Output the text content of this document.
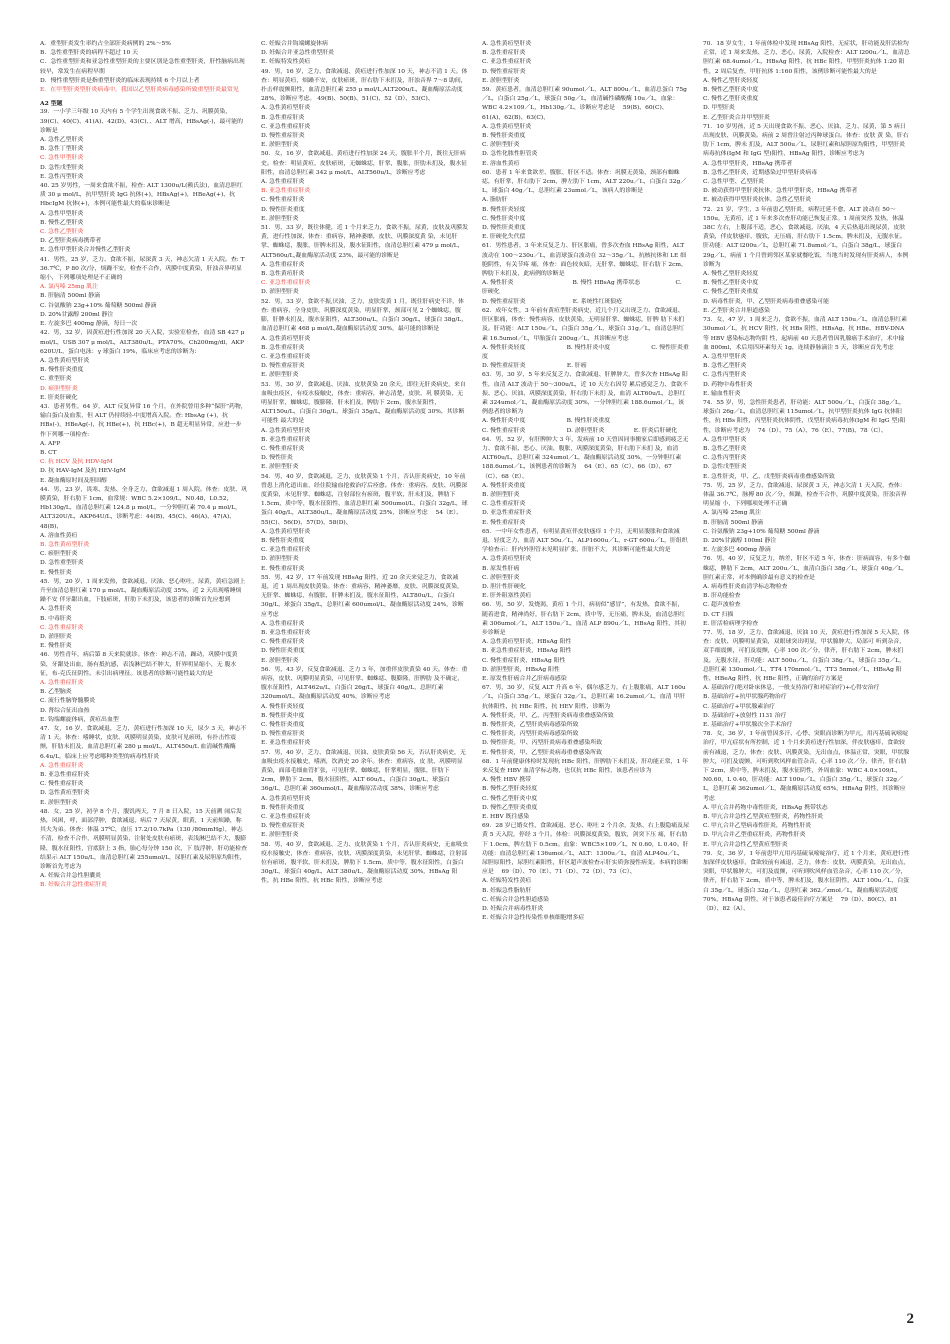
A．重型肝炎发生率约占全部肝炎病例的 2%～5%

B．急性重型肝炎的病程不超过 10 天

C．急性重型肝炎和亚急性重型肝炎的主要区别是急性重型肝炎，肝性脑病出现较早，常发生在病程早期

D．慢性重型肝炎是指重型肝炎的临床表现持续 6 个月以上者

E．在甲型肝炎型肝炎病毒中，我国以乙型肝炎病毒感染所致重型肝炎最常见

A2 型题

39．一小学三年级 10 天内有 5 个学生出现食欲不振、乏力、巩膜黄染，39(C)、40(C)、41(A)、42(D)、43(C)、、ALT 增高，HBsAg(-)，最可能的诊断是

A. 急性乙型肝炎

B. 急性丁型肝炎

C. 急性甲型肝炎

D. 急性戊型肝炎

E. 急性丙型肝炎

40. 25 岁男性，一周来食欲不振，检查: ALT 1300u/L(赖氏法)，血清总胆红质 30 μ mol/L，抗甲型肝炎 IgG 抗体(+)，HBsAg(+)，HBeAg(+)、抗 HbcIgM 抗体(+)，本例可能性最大的临床诊断是

A. 急性甲型肝炎

B. 慢性乙型肝炎

C. 急性乙型肝炎

D. 乙型肝炎病毒携带者

E. 急性甲型肝炎合并慢性乙型肝炎

41．男性，25 岁，乏力、食欲不振，尿深黄 3 天，神志欠清 1 天入院。查: T 36.7℃，P 80 次/分，烦躁不安，检查不合作，巩膜中度黄染，肝浊音界明显缩小，下列哪项处理是不正确的

A. 氯丙嗪 25mg 肌注

B. 肝脑清 500ml 静滴

C. 谷氨酸钠 23g+10% 葡萄糖 500ml 静滴

D. 20%甘露醇 200ml 静注

E. 左旋多巴 400mg 静滴，每日一次

42．男，32 岁，因黄疸进行性加深 20 天入院，实验室检查，血清 SB 427 μ mol/L，USB 307 μ mol/L，ALT380u/L，PTA70%，Ch200mg/dl，AKP 620U/L，蛋白电泳：γ 球蛋白 19%，临床应考虑的诊断为:

A. 急性黄疸型肝炎

B. 慢性肝炎重度

C. 重型肝炎

D. 瘀胆型肝炎

E. 肝炎肝硬化

43．患者男性，64 岁，ALT 反复异常 16 个月，在外院曾用多种“保肝”药物，输白蛋白及血浆，但 ALT 仍持续轻-中度增高入院。查: HbsAg (+)，抗 HBs(-)，HBeAg(-)，抗 HBe(+)，抗 HBc(+)，B 超无明显异常，应进一步作下列哪一项检查:

A. AFP

B. CT

C. 抗 HCV 及抗 HDV-IgM

D. 抗 HAV-IgM 及抗 HEV-IgM

E. 凝血酶原时间及胆固醇

44．男，23 岁，畏寒、发热、全身乏力、食欲减退 1 周入院。体查：皮肤、巩膜黄染，肝右肋下 1cm，血常规：WBC 5.2×109/L，N0.48，L0.52，Hb130g/L，血清总胆红素 124.8 μ mol/L，一分钟胆红素 70.4 μ mol/L，ALT320U/L，AKP64U/L，诊断考虑：44(B)、45(C)、46(A)、47(A)、48(B)、

A. 溶血性黄疸

B. 急性黄疸型肝炎

C. 瘀胆型肝炎

D. 急性重型肝炎

E. 慢性肝炎

45．男，20 岁，1 周来发热，食欲减退、厌油、恶心呕吐，尿黄，黄疸急剧上升至血清总胆红素 170 μ mol/L，凝血酶原活动度 35%，近 2 天出现嗜睡烦躁不安 伴牙龈出血，下肢瘀斑，肝肋下未扪及，该患者的诊断首先应想到

A. 急性肝炎

B. 中毒肝炎

C. 急性重症肝炎

D. 淤胆肝炎

E. 慢性肝炎

46．男性青年，病后第 8 天来院就诊。体查：神志不清，躁动，巩膜中度黄染，牙龈处出血，肠有抵抗感，表浅淋巴结不肿大，肝界明显缩小，无 腹水征，布-克氏征阴性。未引出病理征。该患者的诊断可能性最大的是

A. 急性重症肝炎

B. 乙型脑炎

C. 流行性脑脊髓膜炎

D. 肾综合征出血热

E. 钩端螺旋体病，黄疸出血型

47．女，16 岁，食欲减退，乏力，黄疸进行性加深 10 天，尿少 3 天，神志不清 1 天。体查：嗜睡状，皮肤、巩膜明显黄染，皮肤可见瘀斑，有扑击性震颤，肝肋未扪及，血清总胆红素 280 μ mol/L，ALT450u/L 血清碱性酶酶 6.4u/L，临床上应考虑哪种类型的病毒性肝炎

A. 急性重症肝炎

B. 亚急性重症肝炎

C. 慢性重症肝炎

D. 急性黄疸型肝炎

E. 淤胆型肝炎

48．女，25 岁，初孕 8 个月，腹饥两天，7 月 8 日入院，15 天前溯 闹后发热，风困，呼，面部浮肿，食欲减退，病后 7 天尿黄，眼黄，1 天前烦躁，称其夫为弟。体查：体温 37℃，血压 17.2/10.7kPa（130 /80mmHg），神志不清，检查不合作，巩膜明显黄染，注射处皮肤有瘀斑，表浅淋巴结不大，腹膨隆，腹水征阳性，宫底脐上 3 指，胎心每分钟 150 次，下 肢浮肿，肝功能检查结果示 ALT 150u/L，血清总胆红素 255umol/L，尿胆红素及尿胆原均阳性，诊断首先考虑为

A. 妊娠合并急性胆囊炎

B. 妊娠合并急性重症肝炎

C. 妊娠合并钩端螺旋体病

D. 妊娠合并亚急性重型肝炎

E. 妊娠特发性黄疸

49．男，16 岁，乏力、食欲减退、黄疸进行性加深 10 天，神志不清 1 天。体查：明显黄疸，烦躁不安，皮肤瘀斑，肝右肋下未扪及，肝浊音界 7～8 助间，扑击样震颤阳性，血清总胆红素 255 μ mol/L,ALT200u/L，凝血酶原活动度 28%，诊断应考虑。 49(B)、50(B)、51(C)、52（D）、53(C)、

A. 急性黄疸型肝炎

B. 急性重症肝炎

C. 亚急性重症肝炎

D. 慢性重症肝炎

E. 淤胆型肝炎

50．女，16 岁，食欲减退、黄疸进行性加深 24 天，腹胀半个月，既往无肝病史。检查：明显黄疸，皮肤瘀斑，无蜘蛛痣，肝掌，腹胀，肝肋未扪及，腹水征阳性，血清总胆红素 342 μ mol/L，ALT560u/L，诊断应考虑

A. 急性重症肝炎

B. 亚急性重症肝炎

C. 慢性重症肝炎

D. 慢性肝炎重度

E. 淤胆型肝炎

51．男，33 岁，既往体健，近 1 个月来乏力，食欲不振，尿黄，皮肤及巩膜发黄，进行性加深，体查：重病容，精神萎靡，皮肤、巩膜深度黄 染，未见肝掌、蜘蛛痣，腹胀，肝脾未扪及，腹水征阳性，血清总胆红素 479 μ mol/L，ALT560u/L,凝血酶原活动度 23%，最可能的诊断是

A. 急性重症肝炎

B. 急性黄疸肝炎

C. 亚急性重症肝炎

D. 淤胆型肝炎

52．男，33 岁，食欲不振,厌油，乏力，皮肤发黄 1 月，既往肝病史不详，体查: 重病容，全身皮肤、巩膜深度黄染，明显肝掌，颈部可见 2 个蜘蛛痣，腹膨，肝脾未扪及，腹水征阳性，ALT300u/L，白蛋白 30g/L，球蛋白 38g/L，血清总胆红素 468 μ mol/L,凝血酶原活动度 30%，最可能的诊断是

A. 急性黄疸型肝炎

B. 急性重症肝炎

C. 亚急性重症肝炎

D. 慢性重症肝炎

E. 淤胆型肝炎

53．男，30 岁，食欲减退、厌油、皮肤黄染 20 余天，即往无肝炎病史，来自血吸虫疫区，有疫水接触史，体查：重病容，神志清楚，皮肤、巩 膜黄染，无明显肝掌，蜘蛛痣，腹膨隆，肝未扪及，脾肋下 2cm，腹水征阳性，ALT150u/L，白蛋白 30g/L，球蛋白 35g/L，凝血酶原活动度 30%，其诊断可能性 最大的是

A. 急性黄疸型肝炎

B. 亚急性重症肝炎

C. 慢性重症肝炎

D. 慢性肝炎

E. 淤胆型肝炎

54．男，40 岁，食欲减退，乏力，皮肤黄染 1 个月，否认肝炎病史，10 年前曾患上消化道出血，经住院输血抢救治疗后痊愈。体查：重病容，皮肤、巩膜深度黄染，未见肝掌、蜘蛛痣，注射部位有瘀斑，腹平软，肝未扪及，脾肋下 1.5cm，质中等，腹水征阳性，血清总胆红素 500umol/L，白蛋白 32g/L，球蛋白 40g/L，ALT380u/L，凝血酶原活动度 25%，诊断应考虑　 54（E）、55(C)、56(D)、57(D)、58(D)、

A. 急性黄疸型肝炎

B. 慢性肝炎重度

C. 亚急性重症肝炎

D. 淤胆型肝炎

E. 慢性重症肝炎

55．男，42 岁，17 年前发现 HBsAg 阳性，近 20 余天来觉乏力，食欲减退，近 1 周出现皮肤黄染。体查：重病容，精神萎靡，皮肤、巩膜深度黄染，无肝掌、蜘蛛痣，有腹胀，肝脾未扪及，腹水征阳性，ALT80u/L，白蛋白 30g/L，球蛋白 35g/L，总胆红素 600umol/L，凝血酶原活动度 24%，诊断应考虑

A. 急性重症肝炎

B. 亚急性重症肝炎

C. 慢性重症肝炎

D. 慢性肝炎重度

E. 淤胆型肝炎

56．男，43 岁，反复食欲减退、乏力 3 年，加重伴皮肤黄染 40 天。体查：重病容，皮肤、巩膜明显黄染，可见肝掌、蜘蛛痣、腹膨隆，肝脾肋 及不确定，腹水征阳性，ALT462u/L，白蛋白 26g/L，球蛋白 40g/L，总胆红素 320umol/L，凝血酶原活动度 40%，诊断应考虑

A. 慢性肝炎轻度

B. 慢性肝炎中度

C. 慢性肝炎重度

D. 慢性重症肝炎

E. 亚急性重症肝炎

57．男，40 岁，乏力、食欲减退、厌油、皮肤黄染 56 天，否认肝炎病史，无血吸虫疫水接触史，嗜酒，饮酒史 20 余年。体查：重病容，皮 肤、巩膜明显黄染，面部毛细血管扩张，可见肝掌、蜘蛛痣，肝掌明显，腹胀，肝肋下 2cm，脾肋下 2cm，腹水征阳性，ALT 60u/L，白蛋白 30g/L，球蛋白 36g/L，总胆红素 360umol/L，凝血酶原活动度 38%，诊断应考虑

A. 急性黄疸型肝炎

B. 慢性肝炎重度

C. 亚急性重症肝炎

D. 慢性重症肝炎

E. 淤胆型肝炎

58．男，40 岁，食欲减退、乏力、皮肤黄染 1 个月，否认肝炎病史，无血吸虫疫水接触史，体查：重病容，皮肤、巩膜深度黄染，未见肝掌、蜘蛛痣，注射部位有瘀斑，腹平软，肝未扪及，脾肋下 1.5cm，质中等，腹水征阳性，白蛋白 30g/L，球蛋白 40g/L，ALT 380u/L，凝血酶原活动度 30%，HBsAg 阳性，抗 HBe 阳性，抗 HBc 阳性，诊断应考虑

A. 急性黄疸型肝炎

B. 急性重症肝炎

C. 亚急性重症肝炎

D. 慢性重症肝炎

E. 淤胆型肝炎

59．黄疸患者，血清总胆红素 90umol／L，ALT 800u／L，血清总蛋白 75g／L，白蛋白 25g／L，球蛋白 50g／L，血清碱性磷酸酶 10u／L，血象：WBC 4.2×109／L，Hb130g／L，诊断应考虑是　 59(B)、60(C)、61(A)、62(B)、63(C)、

A. 急性黄疸型肝炎

B. 慢性肝炎重度

C. 淤胆型肝炎

D. 急性化脓性胆管炎

E. 溶血性黄疸

60．患者 1 年来食欲差、腹胀、肝区不适。体查：巩膜无黄染，颈部有蜘蛛痣，有肝掌，肝右肋下 2cm，脾左肋下 1cm，ALT 220u／L，白蛋白 32g／L，球蛋白 40g／L，总胆红素 23umol／L，该病人的诊断是

A. 脂肪肝

B. 慢性肝炎轻度

C. 慢性肝炎中度

D. 慢性肝炎重度

E. 肝硬化失代偿

61．男性患者，3 年来反复乏力、肝区胀痛，曾多次查血 HBsAg 阳性，ALT 波动在 100～230u／L，血清球蛋白波动在 32～35g／L，抗核抗体和 LE 细胞阴性，有关节疼 痛，体查：面色较灰暗，无肝掌、蜘蛛痣，肝右肋下 2cm，脾肋下未扪及，此病例的诊断是

A. 慢性肝炎　　　　　　　　　　B. 慢性 HBsAg 携带状态　　　　　　C. 肝硬化

D. 慢性重症肝炎　　　　　　　　E. 系统性红斑狼疮

62．成年女性，3 年前有黄疸型肝炎病史，近几个月又出现乏力、食欲减退、肝区胀痛，体查：慢性病容，皮肤黄染，无明显肝掌、蜘蛛痣，肝脾 肋下未扪及。肝功能：ALT 150u／L，白蛋白 35g／L，球蛋白 31g／L，血清总胆红素 16.5umol／L，甲胎蛋白 200ug／L，其诊断应考虑

A. 慢性肝炎轻度　　　　　　　B. 慢性肝炎中度　　　　　　　C. 慢性肝炎重度

D. 慢性重症肝炎　　　　　　　E. 肝癌

63．男，30 岁，5 年来反复乏力、食欲减退、肝脾肿大，曾多次查 HBsAg 阳性，血清 ALT 波动于 50～300u/L，近 10 天左右因劳 累后感觉乏力、食欲不振、恶心、厌油、巩膜深度黄染，肝右肋下未扪 及，血清 ALT60u/L，总胆红素 324umol／L，凝血酶原活动度 30%，一分钟胆红素 188.6umol／L，该例患者的诊断为

A. 慢性肝炎中度　　　　　　　B. 慢性肝炎重度

C. 慢性重症肝炎　　　　　　　D. 淤胆型肝炎　　　　　E. 肝炎后肝硬化

64．男，52 岁，有肝脾肿大 3 年，发病前 10 天曾因同事搬家后即感到疲乏无力、食欲不振、恶心、厌油、腹胀，巩膜深度黄染，肝右肋下未扪 及，血清 ALT60u/L，总胆红素 324umol／L，凝血酶原活动度 30%，一分钟胆红素 188.6umol／L，该例患者的诊断为　 64（E）、65（C）、66（D）、67（C）、68（E）、

A. 慢性肝炎重度

B. 淤胆型肝炎

C. 急性重症肝炎

D. 亚急性重症肝炎

E. 慢性重症肝炎

65．一中年女性患者，有明显黄疸伴皮肤瘙痒 1 个月，无明显腹胀和食欲减退，轻度乏力，血清 ALT 50u／L，ALP1600u／L，r-GT 600u／L，肝组织学检查示：肝内外胆管未见明显扩张，肝脏不大，其诊断可能性最大的是

A. 急性黄疸型肝炎

B. 原发性肝癌

C. 淤胆型肝炎

D. 胆汁性肝硬化

E. 肝外阻塞性黄疸

66．男，50 岁，发烧渴，黄疸 1 个月，病初似“感冒”，有发热，食欲不振，随着进食，精神尚好，肝右肋下 2cm，质中等，无压痛，脾未及，血清总胆红素 306umol／L，ALT 150u／L，血清 ALP 890u／L，HBsAg 阳性，其初步诊断是

A. 急性黄疸型肝炎，HBsAg 阳性

B. 亚急性重症肝炎，HBsAg 阳性

C. 慢性重症肝炎，HBsAg 阳性

D. 淤胆型肝炎，HBsAg 阳性

E. 原发性肝癌合并乙肝病毒感染

67．男，30 岁，反复 ALT 升高 6 年，偶尔感乏力，右上腹胀痛，ALT 160u／L，白蛋白 35g／L，球蛋白 32g／L，总胆红素 16.2umol／L，血清 甲肝抗体阳性，抗 HBc 阳性，抗 HEV 阳性，诊断为

A. 慢性肝炎，甲、乙、丙型肝炎病毒重叠感染所致

B. 慢性肝炎，乙型肝炎病毒感染所致

C. 慢性肝炎，丙型肝炎病毒感染所致

D. 慢性肝炎，甲、丙型肝炎病毒重叠感染所致

E. 慢性肝炎，甲、乙型肝炎病毒重叠感染所致

68．1 年前健康体检时发现抗 HBc 阳性，肝脾肋下未扪及，肝功能正常，1 年来反复查 HBV 血清学标志物，也仅抗 HBc 阳性，该患者应诊为

A. 慢性 HBV 携带

B. 慢性乙型肝炎轻度

C. 慢性乙型肝炎中度

D. 慢性乙型肝炎重度

E. HBV 既往感染

69．28 岁已婚女性，食欲减退、恶心、呕吐 2 个月余，发热、右上腹隐痛及尿黄 5 天入院，停经 3 个月。体检：巩膜深度黄染，腹软，剑突下压 痛，肝右肋下 1.0cm，脾左肋下 0.5cm。血象：WBC5×109／L，N 0.60，L 0.40。肝功能：血清总胆红素 136umol／L，ALT：1300u／L，血清 ALP40u／L，尿胆原阳性，尿胆红素阳性，肝区超声波检查示肝实质弥漫性病变。本病的诊断应是　 69（D）、70（E）、71（D）、72（D）、73（C）、

A. 妊娠特发性黄疸

B. 妊娠急性脂肪肝

C. 妊娠合并急性胆道感染

D. 妊娠合并病毒性肝炎

E. 妊娠合并急性传染性单核细胞增多症

70．18 岁女生，1 年前体检中发现 HBsAg 阳性，无症状，肝功能及肝活检均正常，近 1 周来发热、乏力、恶心、尿黄，入院检查：ALT l200u／L，血清总胆红素 68.4umol／L，HBsAg 阳性，抗 HBc 阳性，甲型肝炎抗体 1:20 阳性，2 周后复查，甲肝抗体 1:160 阳性，该例诊断可能性最大的是

A. 慢性乙型肝炎轻度

B. 慢性乙型肝炎中度

C. 慢性乙型肝炎重度

D. 甲型肝炎

E. 乙型肝炎合并甲型肝炎

71．10 岁男孩，近 5 天出现食欲不振、恶心、厌油、乏力、尿黄，第 5 病日出现皮肤、巩膜黄染。病前 2 周曾注射过丙种球蛋白。体查：皮肤 黄 染，肝右肋下 1cm，脾未 扪及，ALT 500u／L，尿胆红素和尿胆原均阳性，甲型肝炎病毒抗体(IgM 和 IgG 型)阳性，HBsAg 阳性，诊断应考虑为

A. 急性甲型肝炎，HBsAg 携带者

B. 急性乙型肝炎，近期感染过甲型肝炎病毒

C. 急性甲型、乙型肝炎

D. 被动获得甲型肝炎抗体，急性甲型肝炎，HBsAg 携带者

E. 被动获得甲型肝炎抗体，急性乙型肝炎

72．21 岁，学生，3 年前患乙型肝炎，病程迁延不愈，ALT 波动在 50～150u，无黄疸，近 1 年来多次查肝功能已恢复正常。1 周前突然 发热，体温 38C 左右，上腹部不适，恶心，食欲减退，厌油，4 天后热退出现尿黄，皮肤黄染，伴皮肤瘙痒，腹软，无压痛，肝右肋下 1.5cm，脾未扪及，无腹水征。肝功能：ALT l200u／L，总胆红素 71.8umol／L，白蛋白 38g/L，球蛋白 29g／L，病前 1 个月曾到邻区某家就餐吃饭，当地当时发现有肝炎病人，本例诊断为

A. 慢性乙型肝炎轻度

B. 慢性乙型肝炎中度

C. 慢性乙型肝炎重度

D. 病毒性肝炎，甲、乙型肝炎病毒重叠感染可能

E. 乙型肝炎合并胆道感染

73．女，47 岁，1 周来乏力，食欲不振，血清 ALT 150u／L，血清总胆红素 30umol／L，抗 HCV 阳性，抗 HBs 阳性，HBsAg、抗 HBe、HBV-DNA 等 HBV 感染标志物均阴 性，起病前 40 天患者曾因乳腺癌手术治疗，术中输血 800ml，术后用四环素每天 1g，连续静脉滴注 5 天，诊断应首先考虑

A. 急性甲型肝炎

B. 急性乙型肝炎

C. 急性丙型肝炎

D. 药物中毒性肝炎

E. 输血性肝炎

74．55 岁，男，急性肝炎患者，肝功能：ALT 500u／L，白蛋白 38g／L，球蛋白 26g／L，血清总胆红素 115umol／L，抗甲型肝炎抗体 IgG 抗体阳性，抗 HBs 阳性，丙型肝炎抗体阴性，戊型肝炎病毒抗体(IgM 和 IgG 型)阳性，诊断应考虑为　 74（D）、75（A）、76（E）、77(B)、78（C）、

A. 急性甲型肝炎

B. 急性乙型肝炎

C. 急性丙型肝炎

D. 急性戊型肝炎

E. 急性肝炎，甲、乙、戊型肝炎病毒重叠感染所致

75．男，25 岁，乏力、食欲减退、尿深黄 3 天，神志欠清 1 天入院，查体：体温 36.7℃，脉搏 80 次／分，烦躁，检查不合作，巩膜中度黄染，肝浊音界明显缩 小，下列哪项处理不正确

A. 氯丙嗪 25mg 肌注

B. 肝脑清 500ml 静滴

C. 谷氨酸钠 23g+10% 葡萄糖 500ml 静滴

D. 20%甘露醇 100ml 静注

E. 左旋多巴 400mg 静滴

76．男，40 岁，反复乏力，纳差，肝区不适 5 年，体查：肝病面容，有多个蜘蛛痣，脾肋下 2cm，ALT 200u／L，血清白蛋白 38g／L，球蛋白 40g／L，胆红素正常，对本例确诊最有意义的检查是

A. 病毒性肝炎血清学标志物检查

B. 肝功能检查

C. 超声波检查

D. CT 扫描

E. 肝活检病理学检查

77．男，18 岁，乏力、食欲减退、厌油 10 天，黄疸进行性加深 5 天入院，体查：皮肤、巩膜明显黄染，双眼球突出明显，甲状腺肿大，局部可 听到杂音，双手细震颤，可扪及震颤，心率 100 次／分，律齐，肝右肋下 2cm，脾未扪及，无腹水征，肝功能：ALT 500u／L，白蛋白 38g／L，球蛋白 35g／L，总胆红素 130umol／L，TT4 170nmol／L，TT3 5nmol／L，HBsAg 阳性，HBeAg 阳性，抗 HBc 阳性，正确的治疗方案是

A. 基础治疗(绝对卧床休息，一般支持治疗和对症治疗)+心得安治疗

B. 基础治疗+抗甲状腺药物治疗

C. 基础治疗+甲状腺素治疗

D. 基础治疗+放射性 I131 治疗

E. 基础治疗+甲状腺次全手术治疗

78．女，36 岁，1 年前曾因多汗、心悸、突眼而诊断为甲亢，用丙基硫氧嘧啶治疗，甲亢症状有所控制，近 1 个月来黄疸进行性加深，伴皮肤瘙痒，食欲较前有减退，乏力，体查：皮肤、巩膜黄染，无出血点，体温正常，突眼，甲状腺肿大，可扪及震颤，可听到吹风样血管杂音，心率 110 次／分，律齐，肝右肋下 2cm，质中等，脾未扪及，腹水征阴性，外周血象：WBC 4.0×109/L，N0.60，L 0.40，肝功能：ALT 100u／L，白蛋白 35g／L，球蛋白 32g／L，总胆红素 362umol／L，凝血酶原活动度 65%，HBsAg 阴性，其诊断应考虑

A. 甲亢合并药物中毒性肝炎，HBsAg 携带状态

B. 甲亢合并急性乙型黄疸型肝炎，药物性肝炎

C. 甲亢合并乙型病毒性肝炎，药物性肝炎

D. 甲亢合并乙型重症肝炎，药物性肝炎

E. 甲亢合并急性乙型黄疸型肝炎

79．女，36 岁，1 年前患甲亢用丙基硫氧嘧啶治疗，近 1 个月来，黄疸进行性加深伴皮肤瘙痒，食欲较前有减退，乏力，体查：皮肤、巩膜黄染，无出血点，突眼，甲状腺肿大，可扪及震颤，可听到吹风样血管杂音，心率 110 次／分，律齐，肝右肋下 2cm，质中等，脾未扪及，腹水征阴性，ALT 100u／L，白蛋白 35g／L，球蛋白 32g／L，总胆红素 362／zmol／L，凝血酶原活动度 70%，HBsAg 阴性，对于该患者最佳治疗方案是　 79（D）、80(C)、81（D）、82（A）、

2
